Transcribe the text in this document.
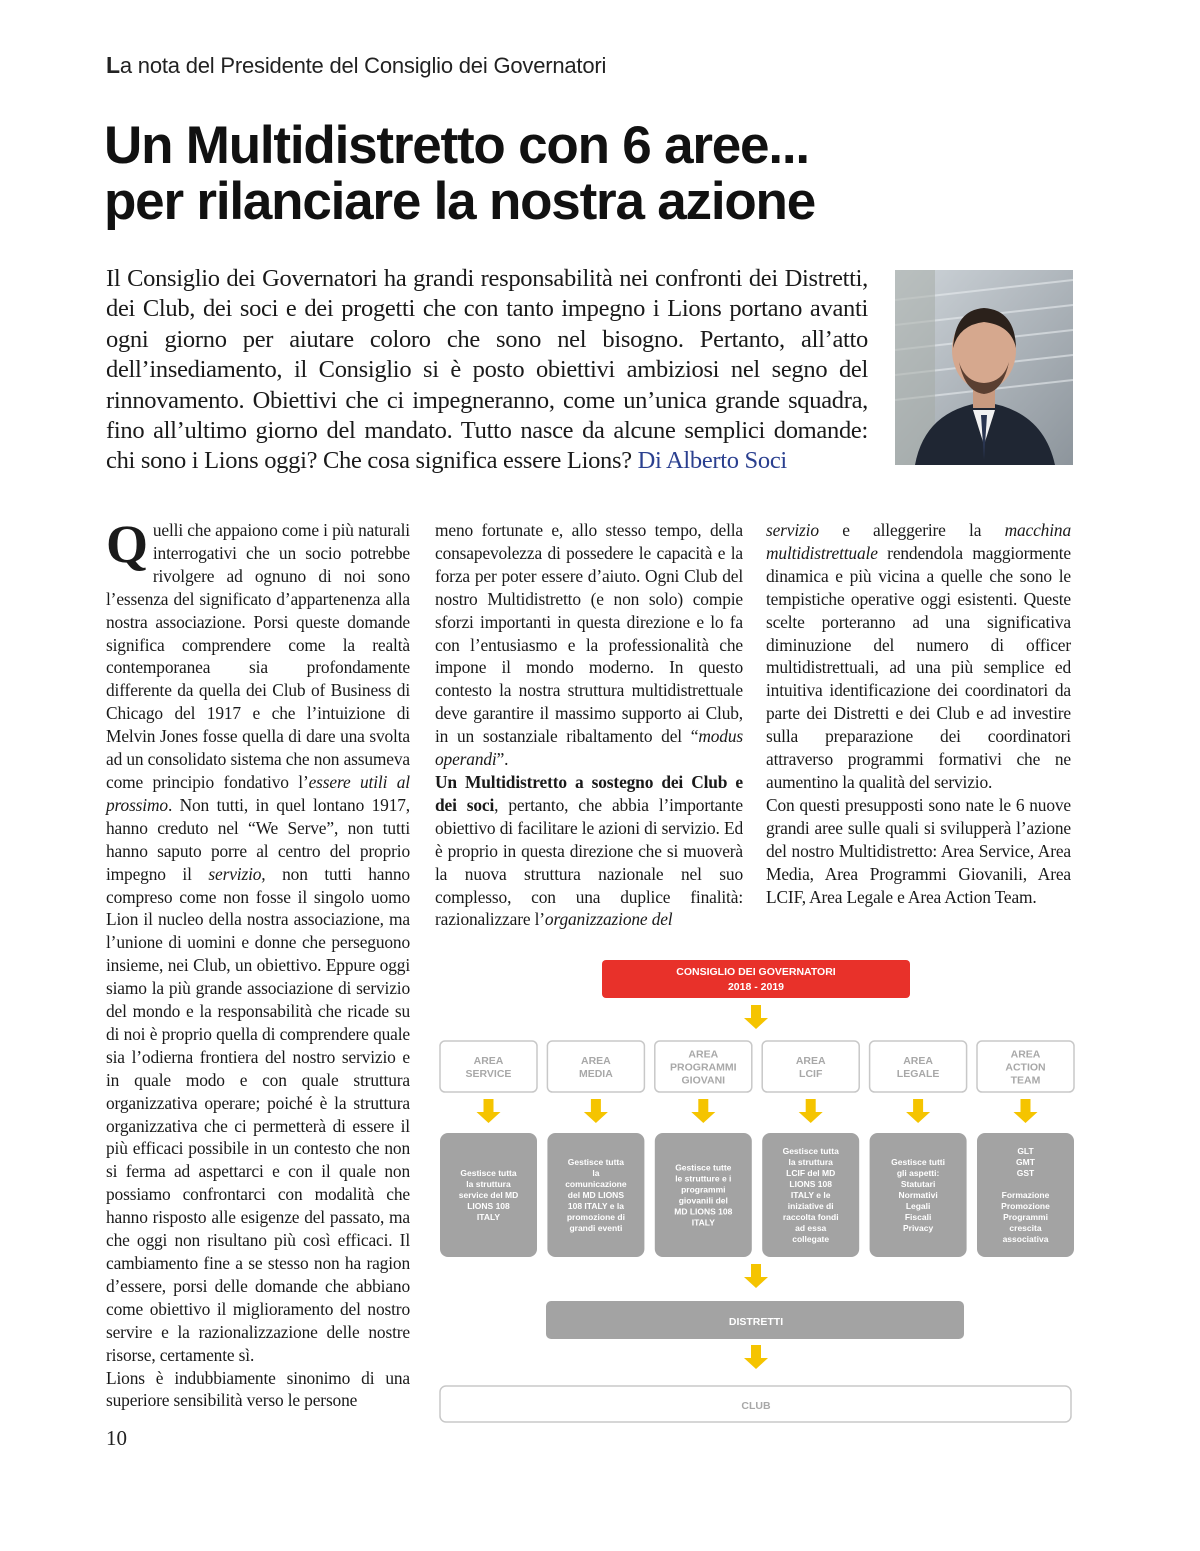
La nota del Presidente del Consiglio dei Governatori
Un Multidistretto con 6 aree...
per rilanciare la nostra azione

Il Consiglio dei Governatori ha grandi responsabilità nei confronti dei Distretti, dei Club, dei soci e dei progetti che con tanto impegno i Lions portano avanti ogni giorno per aiutare coloro che sono nel bisogno. Pertanto, all’atto dell’insediamento, il Consiglio si è posto obiettivi ambiziosi nel segno del rinnovamento. Obiettivi che ci impegneranno, come un’unica grande squadra, fino all’ultimo giorno del mandato. Tutto nasce da alcune semplici domande: chi sono i Lions oggi? Che cosa significa essere Lions? Di Alberto Soci

Quelli che appaiono come i più naturali interrogativi che un socio potrebbe rivolgere ad ognuno di noi sono l’essenza del significato d’appartenenza alla nostra associazione. Porsi queste domande significa comprendere come la realtà contemporanea sia profondamente differente da quella dei Club of Business di Chicago del 1917 e che l’intuizione di Melvin Jones fosse quella di dare una svolta ad un consolidato sistema che non assumeva come principio fondativo l’essere utili al prossimo. Non tutti, in quel lontano 1917, hanno creduto nel “We Serve”, non tutti hanno saputo porre al centro del proprio impegno il servizio, non tutti hanno compreso come non fosse il singolo uomo Lion il nucleo della nostra associazione, ma l’unione di uomini e donne che perseguono insieme, nei Club, un obiettivo. Eppure oggi siamo la più grande associazione di servizio del mondo e la responsabilità che ricade su di noi è proprio quella di comprendere quale sia l’odierna frontiera del nostro servizio e in quale modo e con quale struttura organizzativa operare; poiché è la struttura organizzativa che ci permetterà di essere il più efficaci possibile in un contesto che non si ferma ad aspettarci e con il quale non possiamo confrontarci con modalità che hanno risposto alle esigenze del passato, ma che oggi non risultano più così efficaci. Il cambiamento fine a se stesso non ha ragion d’essere, porsi delle domande che abbiano come obiettivo il miglioramento del nostro servire e la razionalizzazione delle nostre risorse, certamente sì.

Lions è indubbiamente sinonimo di una superiore sensibilità verso le persone

meno fortunate e, allo stesso tempo, della consapevolezza di possedere le capacità e la forza per poter essere d’aiuto. Ogni Club del nostro Multidistretto (e non solo) compie sforzi importanti in questa direzione e lo fa con l’entusiasmo e la professionalità che impone il mondo moderno. In questo contesto la nostra struttura multidistrettuale deve garantire il massimo supporto ai Club, in un sostanziale ribaltamento del “modus operandi”.

Un Multidistretto a sostegno dei Club e dei soci, pertanto, che abbia l’importante obiettivo di facilitare le azioni di servizio. Ed è proprio in questa direzione che si muoverà la nuova struttura nazionale nel suo complesso, con una duplice finalità: razionalizzare l’organizzazione del

servizio e alleggerire la macchina multidistrettuale rendendola maggiormente dinamica e più vicina a quelle che sono le tempistiche operative oggi esistenti. Queste scelte porteranno ad una significativa diminuzione del numero di officer multidistrettuali, ad una più semplice ed intuitiva identificazione dei coordinatori da parte dei Distretti e dei Club e ad investire sulla preparazione dei coordinatori attraverso programmi formativi che ne aumentino la qualità del servizio.

Con questi presupposti sono nate le 6 nuove grandi aree sulle quali si svilupperà l’azione del nostro Multidistretto: Area Service, Area Media, Area Programmi Giovanili, Area LCIF, Area Legale e Area Action Team.

CONSIGLIO DEI GOVERNATORI
2018 - 2019
AREA
SERVICE
Gestisce tutta
la struttura
service del MD
LIONS 108
ITALY
AREA
MEDIA
Gestisce tutta
la
comunicazione
del MD LIONS
108 ITALY e la
promozione di
grandi eventi
AREA
PROGRAMMI
GIOVANI
Gestisce tutte
le strutture e i
programmi
giovanili del
MD LIONS 108
ITALY
AREA
LCIF
Gestisce tutta
la struttura
LCIF del MD
LIONS 108
ITALY e le
iniziative di
raccolta fondi
ad essa
collegate
AREA
LEGALE
Gestisce tutti
gli aspetti:
Statutari
Normativi
Legali
Fiscali
Privacy
AREA
ACTION
TEAM
GLT
GMT
GST
Formazione
Promozione
Programmi
crescita
associativa
DISTRETTI
CLUB
10
